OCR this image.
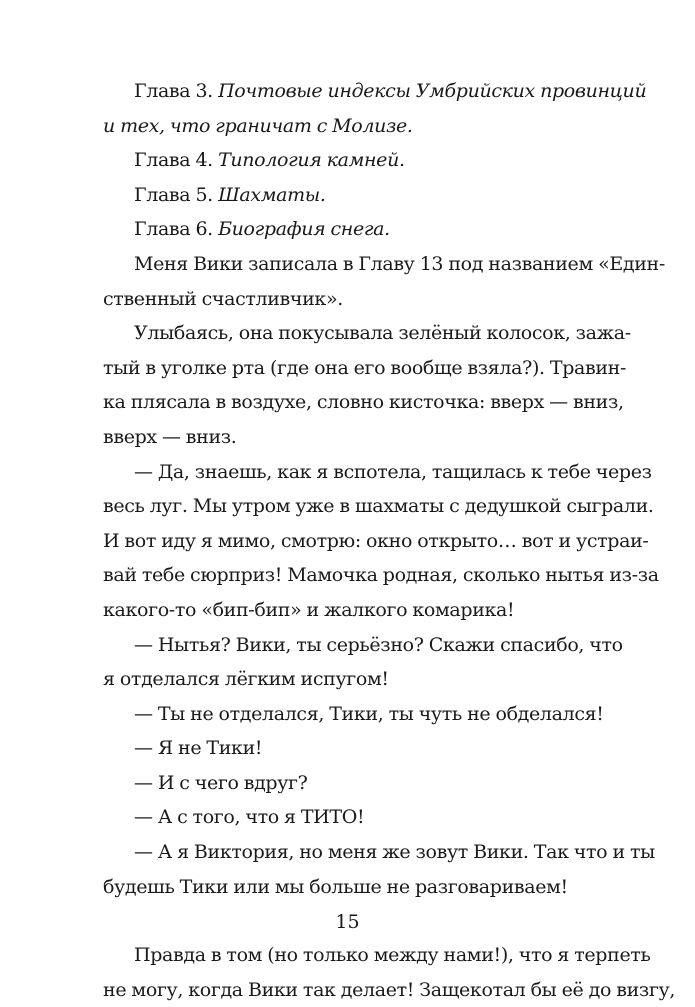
Глава 3. Почтовые индексы Умбрийских провинций
и тех, что граничат с Молизе.
Глава 4. Типология камней.
Глава 5. Шахматы.
Глава 6. Биография снега.
Меня Вики записала в Главу 13 под названием «Един-
ственный счастливчик».
Улыбаясь, она покусывала зелёный колосок, зажа-
тый в уголке рта (где она его вообще взяла?). Травин-
ка плясала в воздухе, словно кисточка: вверх — вниз,
вверх — вниз.
— Да, знаешь, как я вспотела, тащилась к тебе через
весь луг. Мы утром уже в шахматы с дедушкой сыграли.
И вот иду я мимо, смотрю: окно открыто… вот и устраи-
вай тебе сюрприз! Мамочка родная, сколько нытья из-за
какого-то «бип-бип» и жалкого комарика!
— Нытья? Вики, ты серьёзно? Скажи спасибо, что
я отделался лёгким испугом!
— Ты не отделался, Тики, ты чуть не обделался!
— Я не Тики!
— И с чего вдруг?
— А с того, что я ТИТО!
— А я Виктория, но меня же зовут Вики. Так что и ты
будешь Тики или мы больше не разговариваем!
Правда в том (но только между нами!), что я терпеть
не могу, когда Вики так делает! Защекотал бы её до визгу,
15
